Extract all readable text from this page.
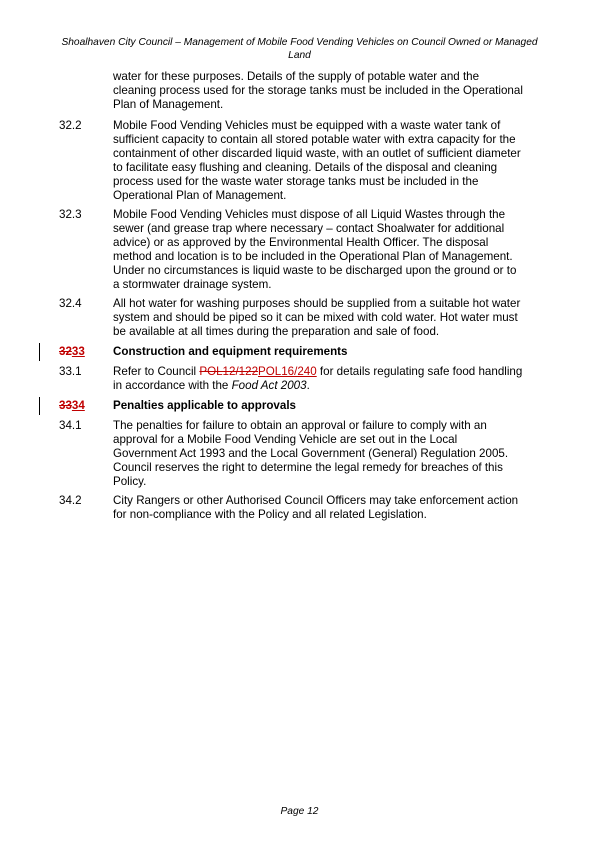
Shoalhaven City Council – Management of Mobile Food Vending Vehicles on Council Owned or Managed
Land
water for these purposes. Details of the supply of potable water and the
cleaning process used for the storage tanks must be included in the Operational
Plan of Management.
32.2	Mobile Food Vending Vehicles must be equipped with a waste water tank of
sufficient capacity to contain all stored potable water with extra capacity for the
containment of other discarded liquid waste, with an outlet of sufficient diameter
to facilitate easy flushing and cleaning. Details of the disposal and cleaning
process used for the waste water storage tanks must be included in the
Operational Plan of Management.
32.3	Mobile Food Vending Vehicles must dispose of all Liquid Wastes through the
sewer (and grease trap where necessary – contact Shoalwater for additional
advice) or as approved by the Environmental Health Officer. The disposal
method and location is to be included in the Operational Plan of Management.
Under no circumstances is liquid waste to be discharged upon the ground or to
a stormwater drainage system.
32.4	All hot water for washing purposes should be supplied from a suitable hot water
system and should be piped so it can be mixed with cold water. Hot water must
be available at all times during the preparation and sale of food.
3233	Construction and equipment requirements
33.1	Refer to Council POL12/122POL16/240 for details regulating safe food handling
in accordance with the Food Act 2003.
3334	Penalties applicable to approvals
34.1	The penalties for failure to obtain an approval or failure to comply with an
approval for a Mobile Food Vending Vehicle are set out in the Local
Government Act 1993 and the Local Government (General) Regulation 2005.
Council reserves the right to determine the legal remedy for breaches of this
Policy.
34.2	City Rangers or other Authorised Council Officers may take enforcement action
for non-compliance with the Policy and all related Legislation.
Page 12
